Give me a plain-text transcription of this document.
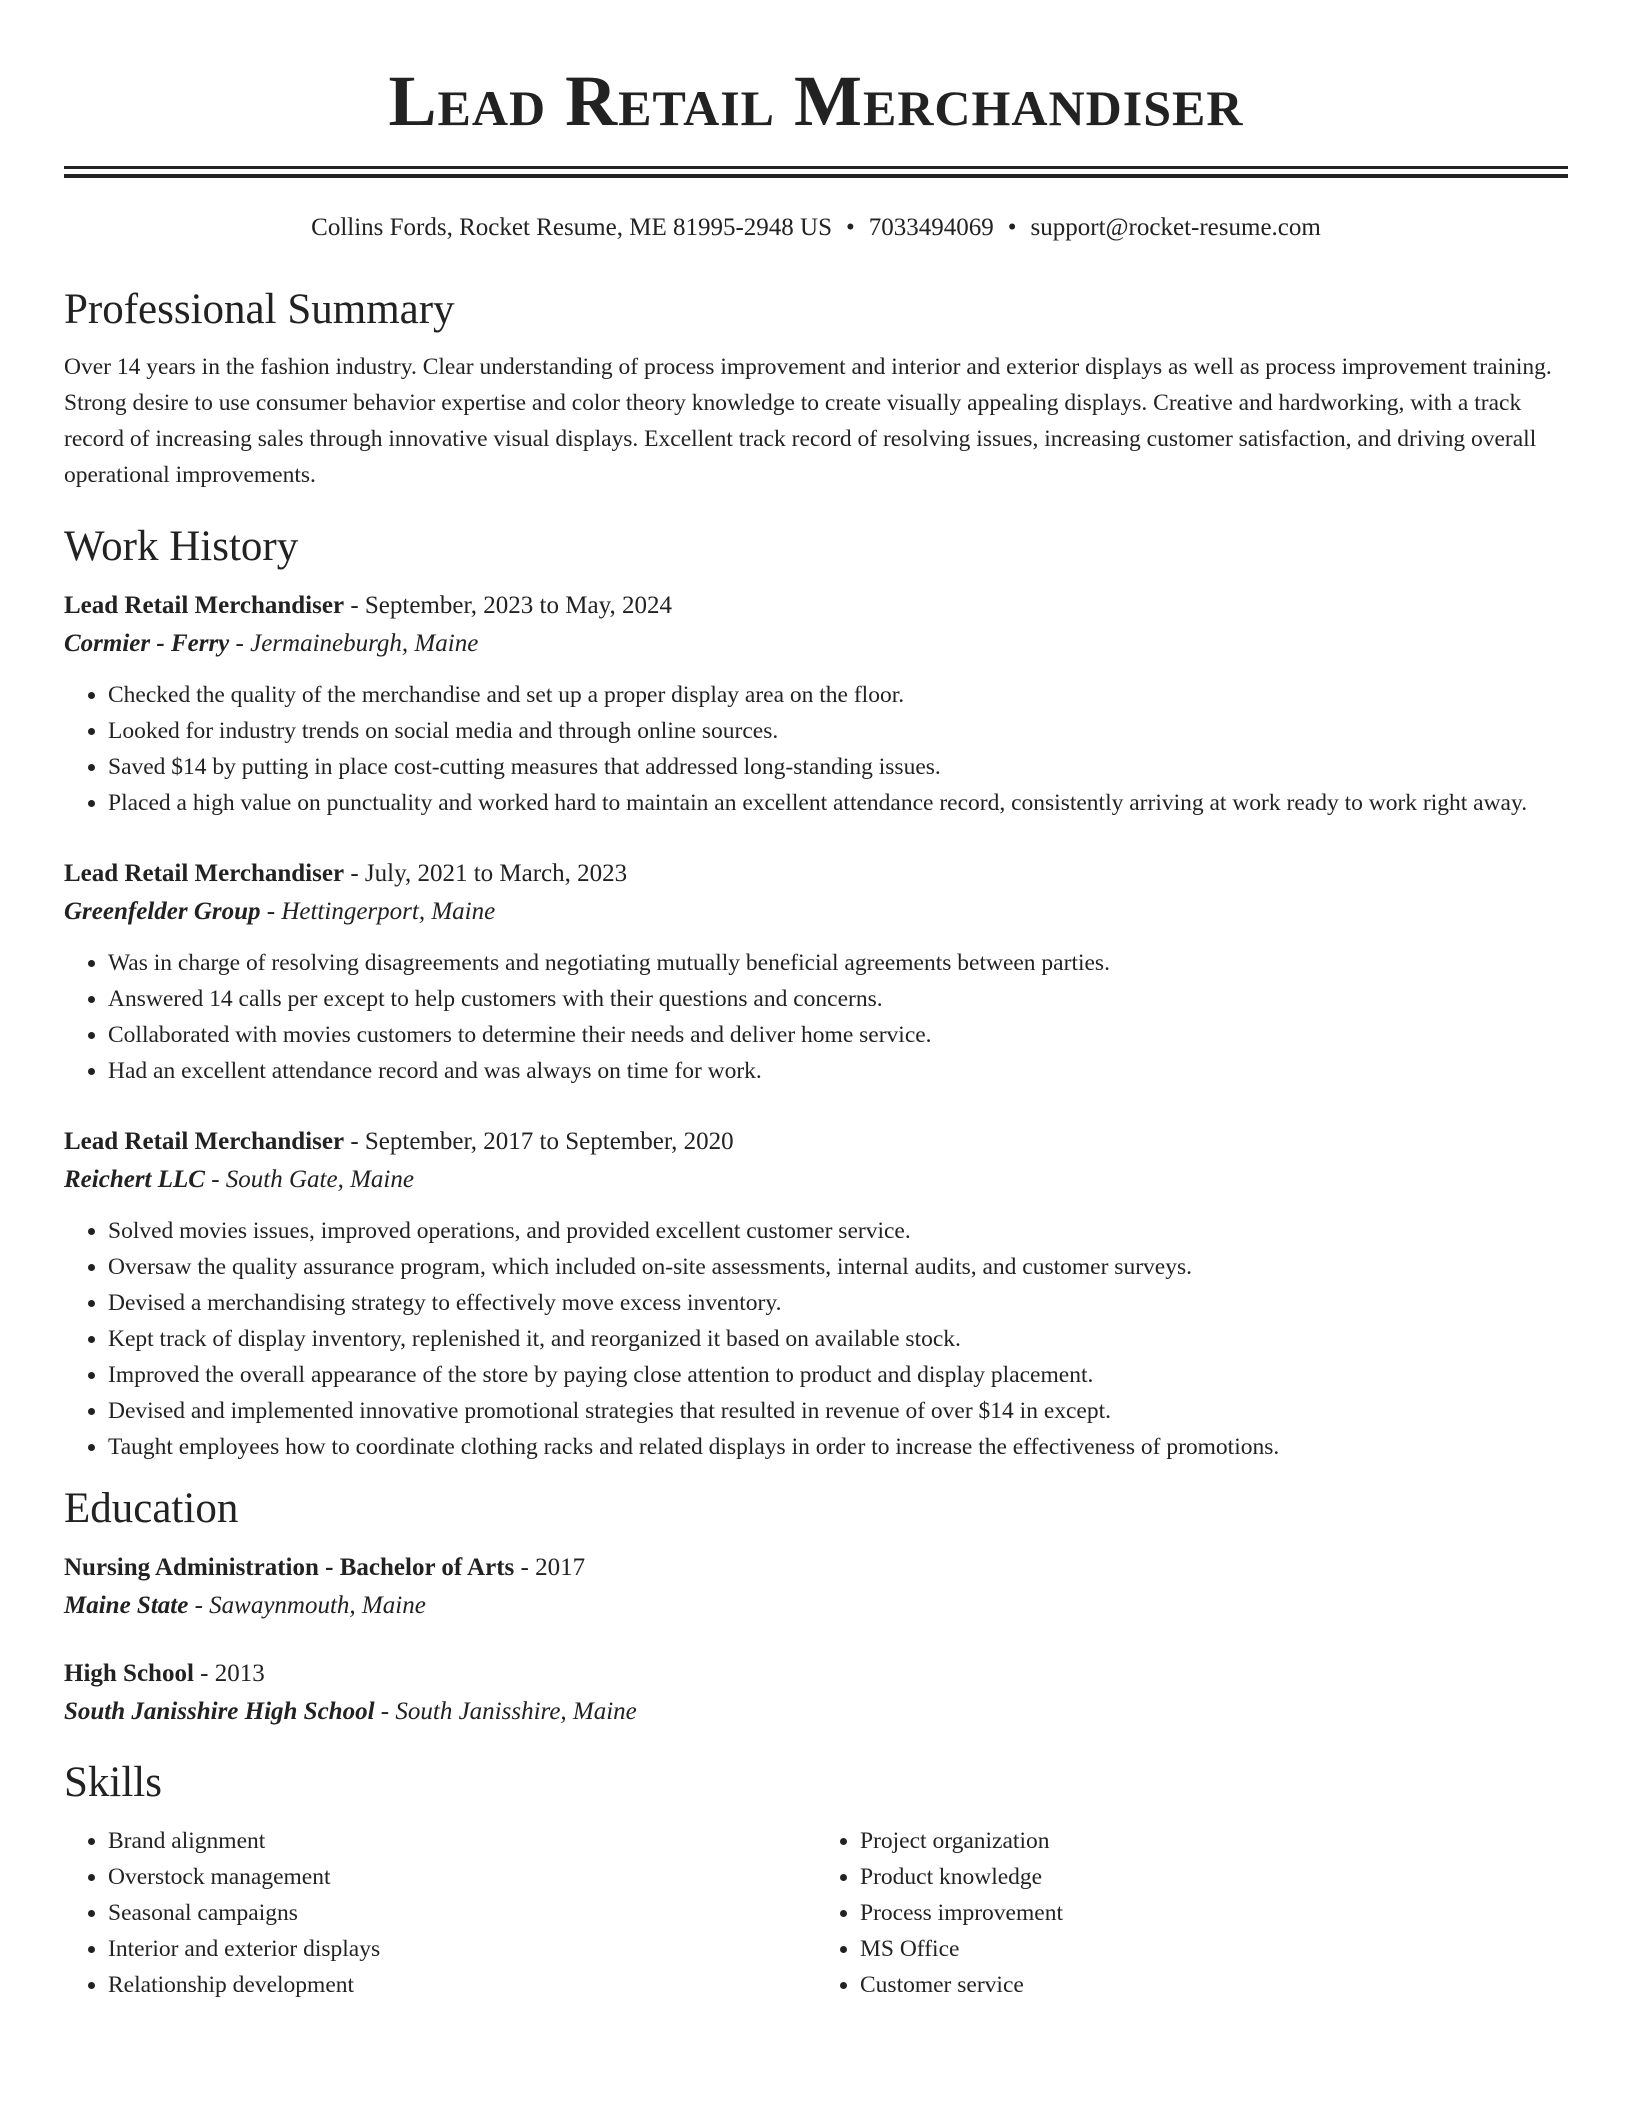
Lead Retail Merchandiser
Collins Fords, Rocket Resume, ME 81995-2948 US • 7033494069 • support@rocket-resume.com
Professional Summary
Over 14 years in the fashion industry. Clear understanding of process improvement and interior and exterior displays as well as process improvement training. Strong desire to use consumer behavior expertise and color theory knowledge to create visually appealing displays. Creative and hardworking, with a track record of increasing sales through innovative visual displays. Excellent track record of resolving issues, increasing customer satisfaction, and driving overall operational improvements.
Work History
Lead Retail Merchandiser - September, 2023 to May, 2024
Cormier - Ferry - Jermaineburgh, Maine
• Checked the quality of the merchandise and set up a proper display area on the floor.
• Looked for industry trends on social media and through online sources.
• Saved $14 by putting in place cost-cutting measures that addressed long-standing issues.
• Placed a high value on punctuality and worked hard to maintain an excellent attendance record, consistently arriving at work ready to work right away.
Lead Retail Merchandiser - July, 2021 to March, 2023
Greenfelder Group - Hettingerport, Maine
• Was in charge of resolving disagreements and negotiating mutually beneficial agreements between parties.
• Answered 14 calls per except to help customers with their questions and concerns.
• Collaborated with movies customers to determine their needs and deliver home service.
• Had an excellent attendance record and was always on time for work.
Lead Retail Merchandiser - September, 2017 to September, 2020
Reichert LLC - South Gate, Maine
• Solved movies issues, improved operations, and provided excellent customer service.
• Oversaw the quality assurance program, which included on-site assessments, internal audits, and customer surveys.
• Devised a merchandising strategy to effectively move excess inventory.
• Kept track of display inventory, replenished it, and reorganized it based on available stock.
• Improved the overall appearance of the store by paying close attention to product and display placement.
• Devised and implemented innovative promotional strategies that resulted in revenue of over $14 in except.
• Taught employees how to coordinate clothing racks and related displays in order to increase the effectiveness of promotions.
Education
Nursing Administration - Bachelor of Arts - 2017
Maine State - Sawaynmouth, Maine
High School - 2013
South Janisshire High School - South Janisshire, Maine
Skills
• Brand alignment
• Overstock management
• Seasonal campaigns
• Interior and exterior displays
• Relationship development
• Project organization
• Product knowledge
• Process improvement
• MS Office
• Customer service
